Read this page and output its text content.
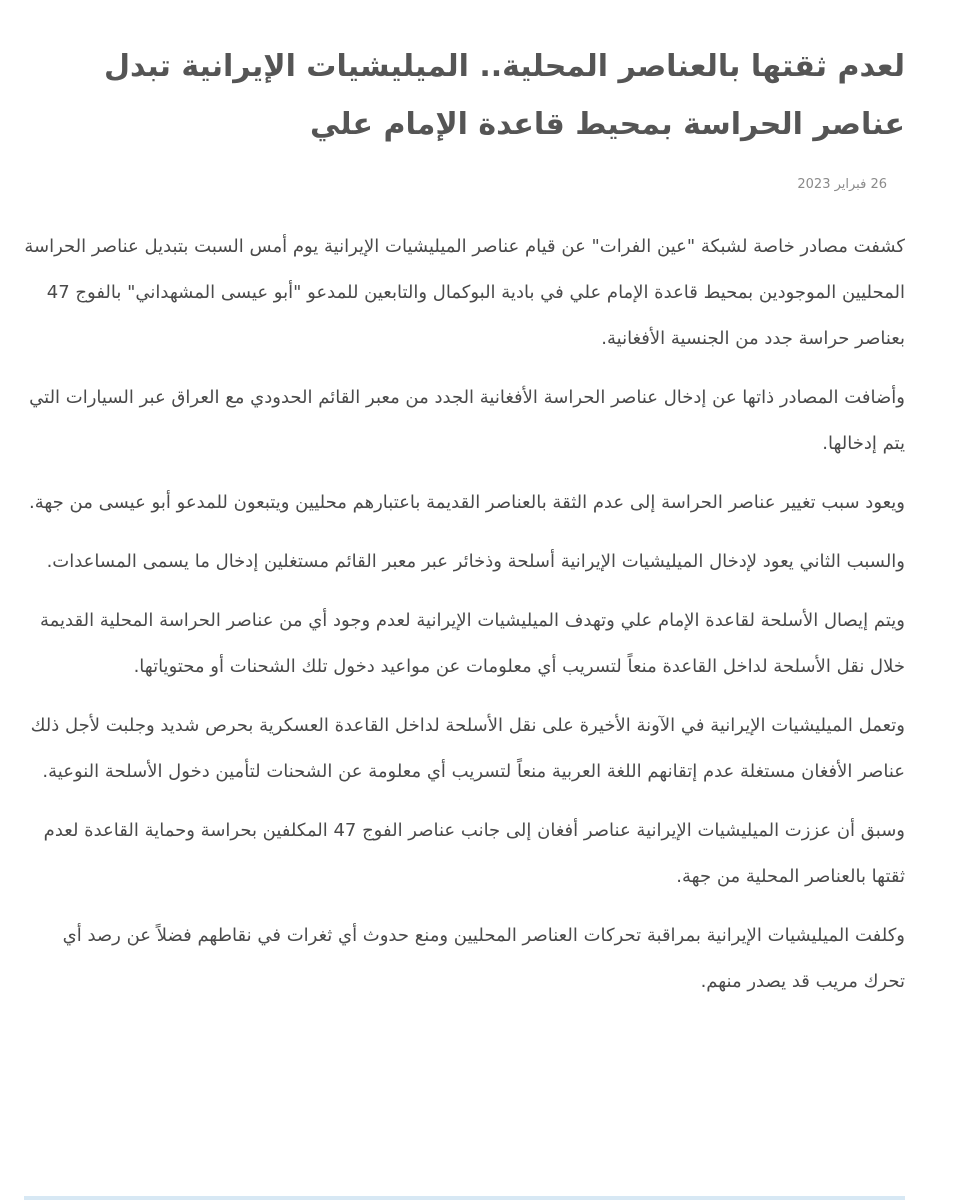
لعدم ثقتها بالعناصر المحلية.. الميليشيات الإيرانية تبدل عناصر الحراسة بمحيط قاعدة الإمام علي
26 فبراير 2023

كشفت مصادر خاصة لشبكة "عين الفرات" عن قيام عناصر الميليشيات الإيرانية يوم أمس السبت بتبديل عناصر الحراسة المحليين الموجودين بمحيط قاعدة الإمام علي في بادية البوكمال والتابعين للمدعو "أبو عيسى المشهداني" بالفوج 47 بعناصر حراسة جدد من الجنسية الأفغانية.

وأضافت المصادر ذاتها عن إدخال عناصر الحراسة الأفغانية الجدد من معبر القائم الحدودي مع العراق عبر السيارات التي يتم إدخالها.

ويعود سبب تغيير عناصر الحراسة إلى عدم الثقة بالعناصر القديمة باعتبارهم محليين ويتبعون للمدعو أبو عيسى من جهة.

والسبب الثاني يعود لإدخال الميليشيات الإيرانية أسلحة وذخائر عبر معبر القائم مستغلين إدخال ما يسمى المساعدات.

ويتم إيصال الأسلحة لقاعدة الإمام علي وتهدف الميليشيات الإيرانية لعدم وجود أي من عناصر الحراسة المحلية القديمة خلال نقل الأسلحة لداخل القاعدة منعاً لتسريب أي معلومات عن مواعيد دخول تلك الشحنات أو محتوياتها.

وتعمل الميليشيات الإيرانية في الآونة الأخيرة على نقل الأسلحة لداخل القاعدة العسكرية بحرص شديد وجلبت لأجل ذلك عناصر الأفغان مستغلة عدم إتقانهم اللغة العربية منعاً لتسريب أي معلومة عن الشحنات لتأمين دخول الأسلحة النوعية.

وسبق أن عززت الميليشيات الإيرانية عناصر أفغان إلى جانب عناصر الفوج 47 المكلفين بحراسة وحماية القاعدة لعدم ثقتها بالعناصر المحلية من جهة.

وكلفت الميليشيات الإيرانية بمراقبة تحركات العناصر المحليين ومنع حدوث أي ثغرات في نقاطهم فضلاً عن رصد أي تحرك مريب قد يصدر منهم.
